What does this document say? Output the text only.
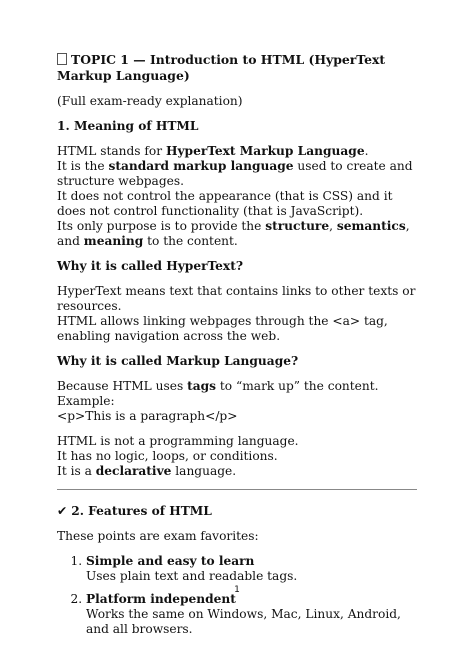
TOPIC 1 — Introduction to HTML (HyperText Markup Language)

(Full exam-ready explanation)

1. Meaning of HTML

HTML stands for HyperText Markup Language.
It is the standard markup language used to create and structure webpages.
It does not control the appearance (that is CSS) and it does not control functionality (that is JavaScript).
Its only purpose is to provide the structure, semantics, and meaning to the content.

Why it is called HyperText?

HyperText means text that contains links to other texts or resources.
HTML allows linking webpages through the <a> tag, enabling navigation across the web.

Why it is called Markup Language?

Because HTML uses tags to “mark up” the content.
Example:
<p>This is a paragraph</p>

HTML is not a programming language.
It has no logic, loops, or conditions.
It is a declarative language.

✔ 2. Features of HTML

These points are exam favorites:

1. Simple and easy to learn
Uses plain text and readable tags.
2. Platform independent
Works the same on Windows, Mac, Linux, Android, and all browsers.
1
